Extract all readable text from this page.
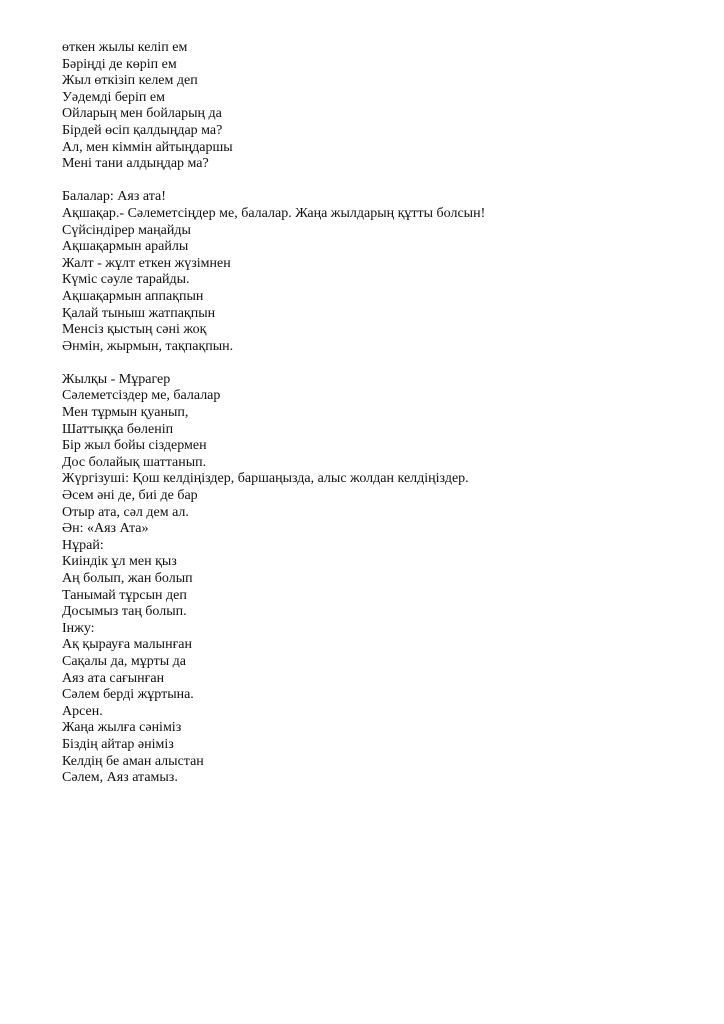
өткен жылы келіп ем
Бәріңді де көріп ем
Жыл өткізіп келем деп
Уәдемді беріп ем
Ойларың мен бойларың да
Бірдей өсіп қалдыңдар ма?
Ал, мен кіммін айтыңдаршы
Мені тани алдыңдар ма?
Балалар: Аяз ата!
Ақшақар.- Сәлеметсіңдер ме, балалар. Жаңа жылдарың құтты болсын!
Сүйсіндірер маңайды
Ақшақармын арайлы
Жалт - жұлт еткен жүзімнен
Күміс сәуле тарайды.
Ақшақармын аппақпын
Қалай тыныш жатпақпын
Менсіз қыстың сәні жоқ
Әнмін, жырмын, тақпақпын.
Жылқы - Мұрагер
Сәлеметсіздер ме, балалар
Мен тұрмын қуанып,
Шаттыққа бөленіп
Бір жыл бойы сіздермен
Дос болайық шаттанып.
Жүргізуші: Қош келдіңіздер, баршаңызда, алыс жолдан келдіңіздер.
Әсем әні де, биі де бар
Отыр ата, сәл дем ал.
Ән: «Аяз Ата»
Нұрай:
Киіндік ұл мен қыз
Аң болып, жан болып
Танымай тұрсын деп
Досымыз таң болып.
Інжу:
Ақ қырауға малынған
Сақалы да, мұрты да
Аяз ата сағынған
Сәлем берді жұртына.
Арсен.
Жаңа жылға сәніміз
Біздің айтар әніміз
Келдің бе аман алыстан
Сәлем, Аяз атамыз.
